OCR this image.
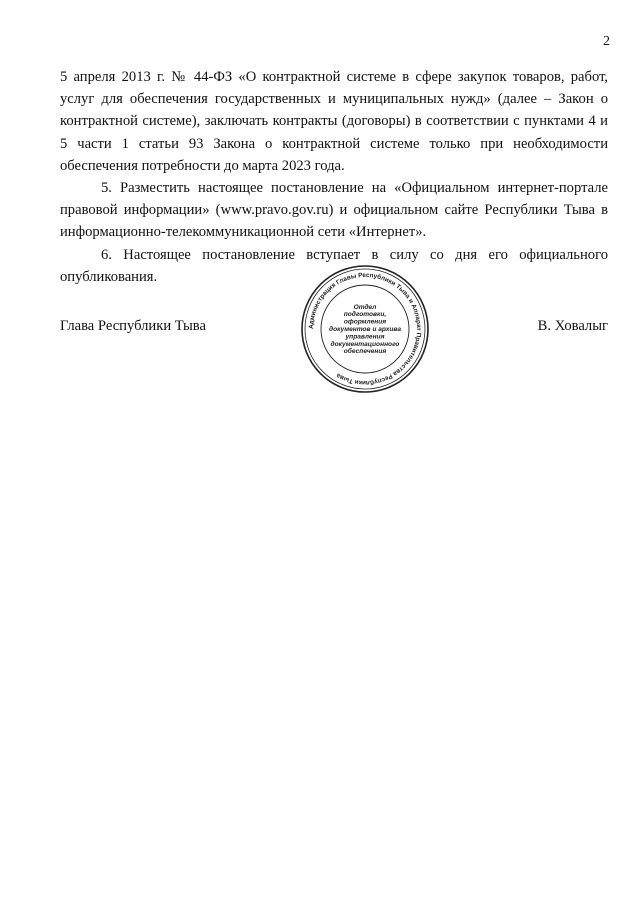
2

5 апреля 2013 г. № 44-ФЗ «О контрактной системе в сфере закупок товаров, работ, услуг для обеспечения государственных и муниципальных нужд» (далее – Закон о контрактной системе), заключать контракты (договоры) в соответствии с пунктами 4 и 5 части 1 статьи 93 Закона о контрактной системе только при необходимости обеспечения потребности до марта 2023 года.

5. Разместить настоящее постановление на «Официальном интернет-портале правовой информации» (www.pravo.gov.ru) и официальном сайте Республики Тыва в информационно-телекоммуникационной сети «Интернет».

6. Настоящее постановление вступает в силу со дня его официального опубликования.

Глава Республики Тыва	В. Ховалыг
Администрация Главы Республики Тыва и Аппарат Правительства Республики Тыва
Отдел
подготовки,
оформления
документов и архива
управления
документационного
обеспечения
